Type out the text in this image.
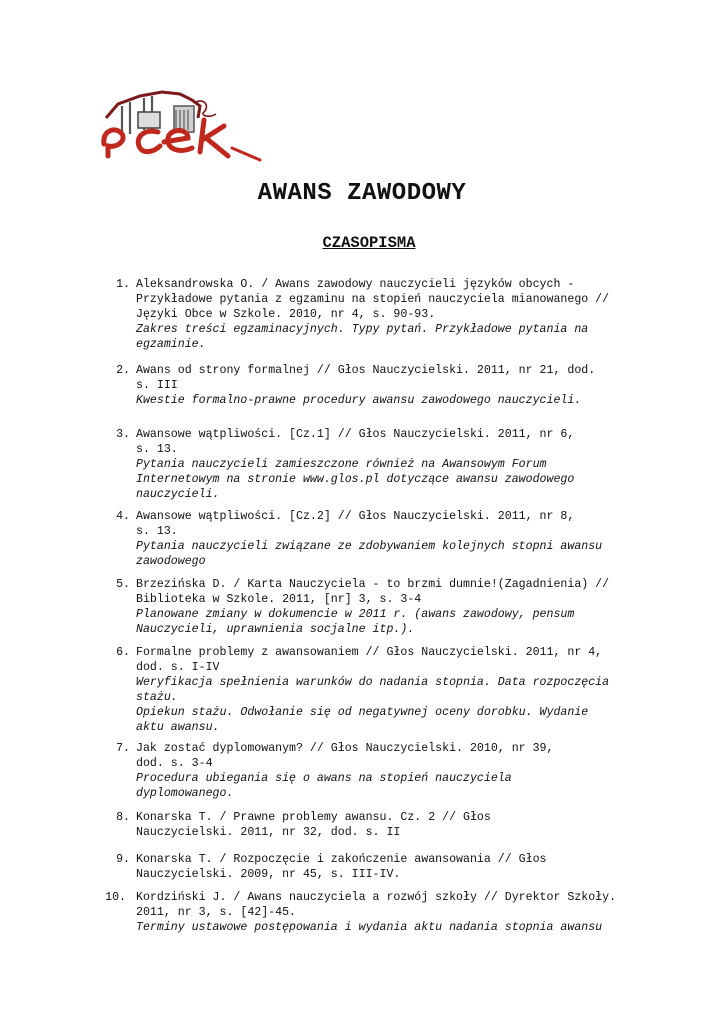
AWANS ZAWODOWY
CZASOPISMA
1. Aleksandrowska O. / Awans zawodowy nauczycieli języków obcych -
Przykładowe pytania z egzaminu na stopień nauczyciela mianowanego //
Języki Obce w Szkole. 2010, nr 4, s. 90-93.
Zakres treści egzaminacyjnych. Typy pytań. Przykładowe pytania na
egzaminie.
2. Awans od strony formalnej // Głos Nauczycielski. 2011, nr 21, dod.
s. III
Kwestie formalno-prawne procedury awansu zawodowego nauczycieli.
3. Awansowe wątpliwości. [Cz.1] // Głos Nauczycielski. 2011, nr 6,
s. 13.
Pytania nauczycieli zamieszczone również na Awansowym Forum
Internetowym na stronie www.glos.pl dotyczące awansu zawodowego
nauczycieli.
4. Awansowe wątpliwości. [Cz.2] // Głos Nauczycielski. 2011, nr 8,
s. 13.
Pytania nauczycieli związane ze zdobywaniem kolejnych stopni awansu
zawodowego
5. Brzezińska D. / Karta Nauczyciela - to brzmi dumnie!(Zagadnienia) //
Biblioteka w Szkole. 2011, [nr] 3, s. 3-4
Planowane zmiany w dokumencie w 2011 r. (awans zawodowy, pensum
Nauczycieli, uprawnienia socjalne itp.).
6. Formalne problemy z awansowaniem // Głos Nauczycielski. 2011, nr 4,
dod. s. I-IV
Weryfikacja spełnienia warunków do nadania stopnia. Data rozpoczęcia
stażu.
Opiekun stażu. Odwołanie się od negatywnej oceny dorobku. Wydanie
aktu awansu.
7. Jak zostać dyplomowanym? // Głos Nauczycielski. 2010, nr 39,
dod. s. 3-4
Procedura ubiegania się o awans na stopień nauczyciela
dyplomowanego.
8. Konarska T. / Prawne problemy awansu. Cz. 2 // Głos
Nauczycielski. 2011, nr 32, dod. s. II
9. Konarska T. / Rozpoczęcie i zakończenie awansowania // Głos
Nauczycielski. 2009, nr 45, s. III-IV.
10. Kordziński J. / Awans nauczyciela a rozwój szkoły // Dyrektor Szkoły.
2011, nr 3, s. [42]-45.
Terminy ustawowe postępowania i wydania aktu nadania stopnia awansu
